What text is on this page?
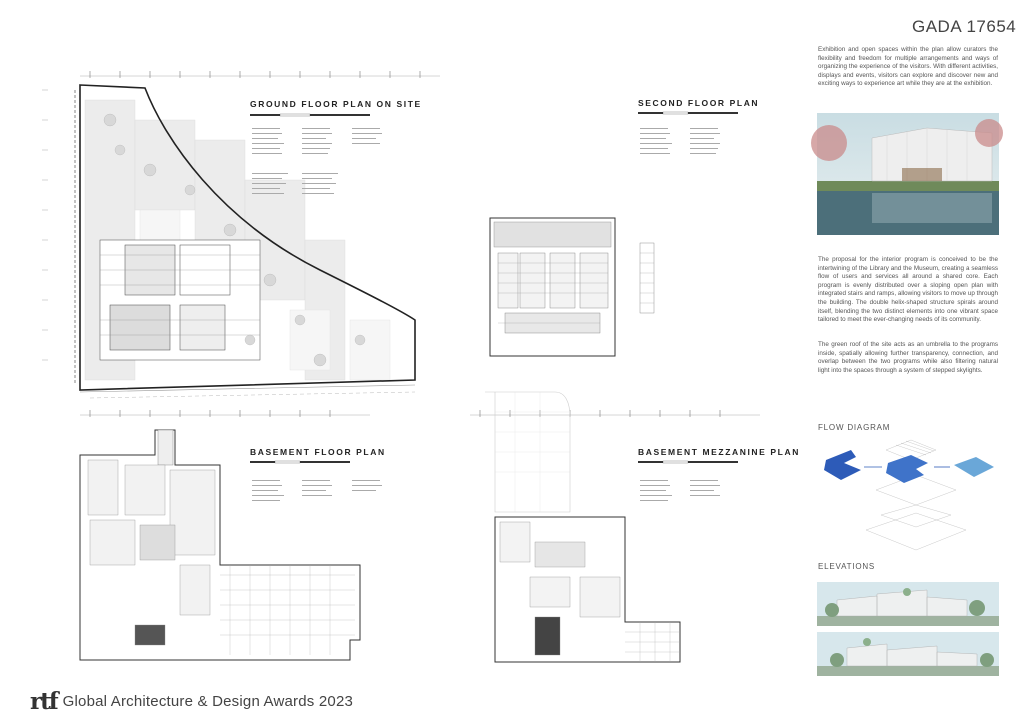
GROUND FLOOR PLAN ON SITE	SECOND FLOOR PLAN
BASEMENT FLOOR PLAN	BASEMENT MEZZANINE PLAN
GADA 17654
Exhibition and open spaces within the plan allow curators the flexibility and freedom for multiple arrangements and ways of organizing the experience of the visitors. With different activities, displays and events, visitors can explore and discover new and exciting ways to experience art while they are at the exhibition.
The proposal for the interior program is conceived to be the intertwining of the Library and the Museum, creating a seamless flow of users and services all around a shared core. Each program is evenly distributed over a sloping open plan with integrated stairs and ramps, allowing visitors to move up through the building. The double helix-shaped structure spirals around itself, blending the two distinct elements into one vibrant space tailored to meet the ever-changing needs of its community.
The green roof of the site acts as an umbrella to the programs inside, spatially allowing further transparency, connection, and overlap between the two programs while also filtering natural light into the spaces through a system of stepped skylights.
FLOW DIAGRAM
ELEVATIONS
rtf Global Architecture & Design Awards 2023
